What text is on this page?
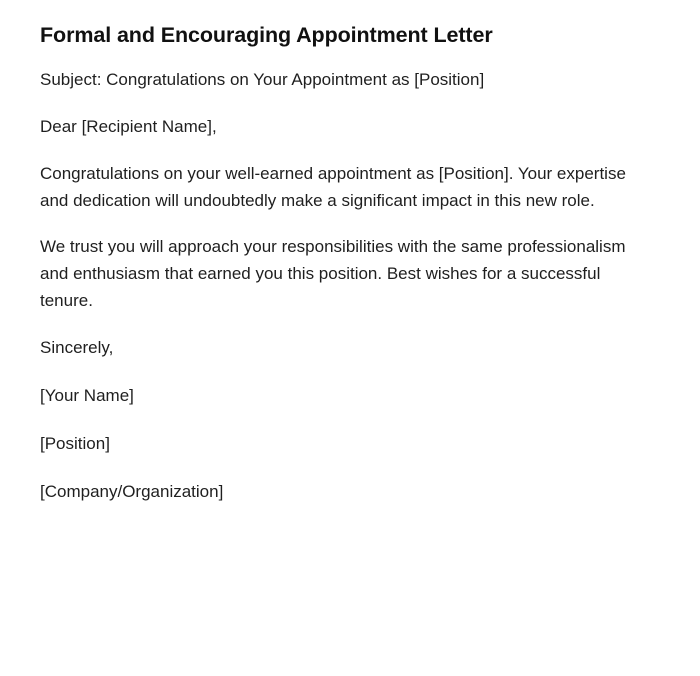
Formal and Encouraging Appointment Letter

Subject: Congratulations on Your Appointment as [Position]

Dear [Recipient Name],

Congratulations on your well-earned appointment as [Position]. Your expertise and dedication will undoubtedly make a significant impact in this new role.

We trust you will approach your responsibilities with the same professionalism and enthusiasm that earned you this position. Best wishes for a successful tenure.

Sincerely,

[Your Name]

[Position]

[Company/Organization]
